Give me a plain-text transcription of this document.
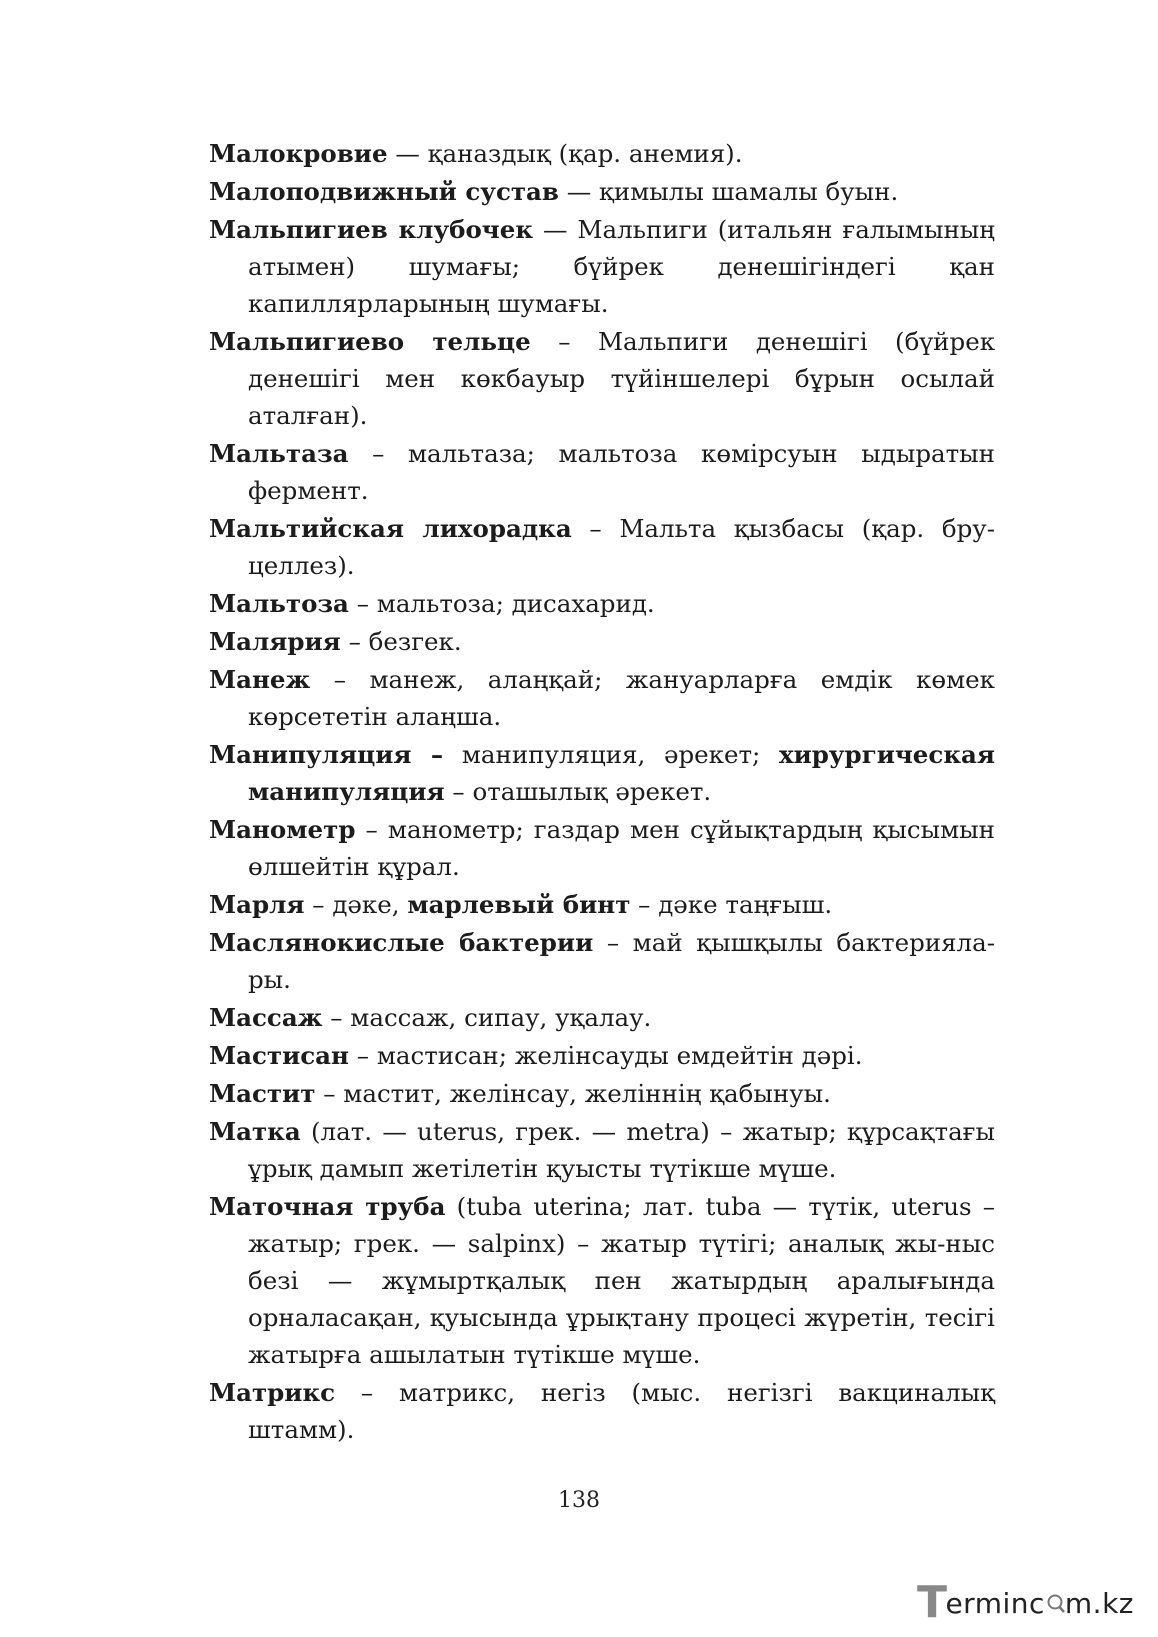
Малокровие — қаназдық (қар. анемия).

Малоподвижный сустав — қимылы шамалы буын.

Мальпигиев клубочек — Мальпиги (итальян ғалымының атымен) шумағы; бүйрек денешігіндегі қан капиллярларының шумағы.

Мальпигиево тельце – Мальпиги денешігі (бүйрек денешігі мен көкбауыр түйіншелері бұрын осылай аталған).

Мальтаза – мальтаза; мальтоза көмірсуын ыдыратын фермент.

Мальтийская лихорадка – Мальта қызбасы (қар. бру-целлез).

Мальтоза – мальтоза; дисахарид.

Малярия – безгек.

Манеж – манеж, алаңқай; жануарларға емдік көмек көрсететін алаңша.

Манипуляция – манипуляция, әрекет; хирургическая манипуляция – оташылық әрекет.

Манометр – манометр; газдар мен сұйықтардың қысымын өлшейтін құрал.

Марля – дәке, марлевый бинт – дәке таңғыш.

Маслянокислые бактерии – май қышқылы бактерияла-ры.

Массаж – массаж, сипау, уқалау.

Мастисан – мастисан; желінсауды емдейтін дәрі.

Мастит – мастит, желінсау, желіннің қабынуы.

Матка (лат. — uterus, грек. — metra) – жатыр; құрсақтағы ұрық дамып жетілетін қуысты түтікше мүше.

Маточная труба (tuba uterina; лат. tuba — түтік, uterus – жатыр; грек. — salpinx) – жатыр түтігі; аналық жы-ныс безі — жұмыртқалық пен жатырдың аралығында орналасақан, қуысында ұрықтану процесі жүретін, тесігі жатырға ашылатын түтікше мүше.

Матрикс – матрикс, негіз (мыс. негізгі вакциналық штамм).

138
T
erminc m.kz
